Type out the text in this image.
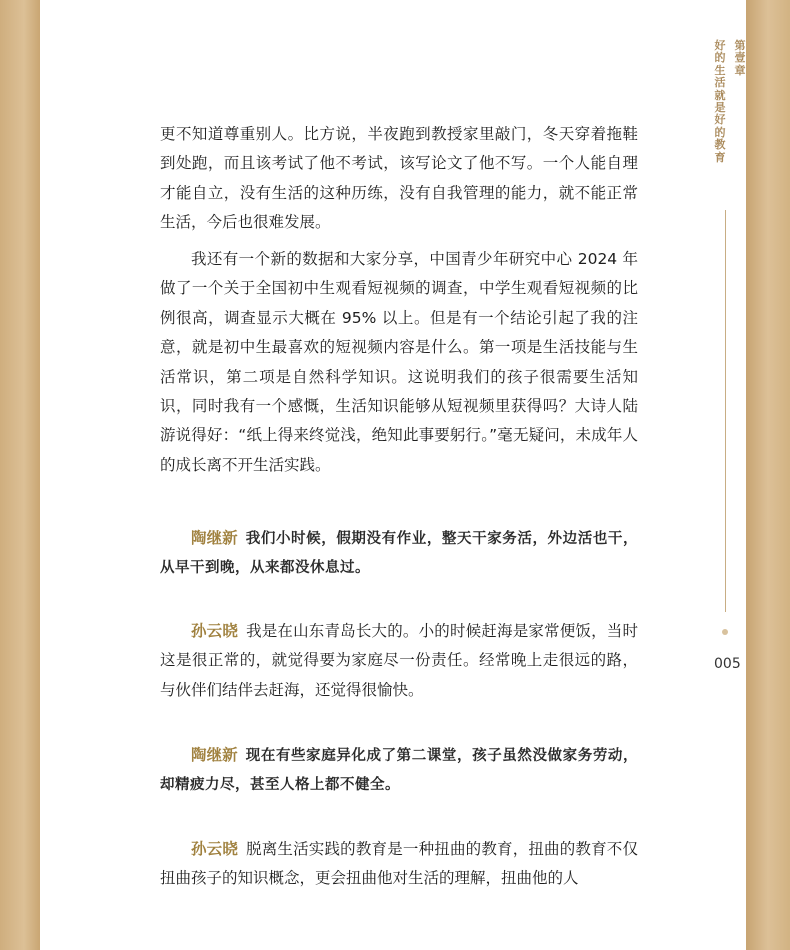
第壹章
好的生活就是好的教育
005
更不知道尊重别人。比方说，半夜跑到教授家里敲门，冬天穿着拖鞋到处跑，而且该考试了他不考试，该写论文了他不写。一个人能自理才能自立，没有生活的这种历练，没有自我管理的能力，就不能正常生活，今后也很难发展。
我还有一个新的数据和大家分享，中国青少年研究中心 2024 年做了一个关于全国初中生观看短视频的调查，中学生观看短视频的比例很高，调查显示大概在 95% 以上。但是有一个结论引起了我的注意，就是初中生最喜欢的短视频内容是什么。第一项是生活技能与生活常识，第二项是自然科学知识。这说明我们的孩子很需要生活知识，同时我有一个感慨，生活知识能够从短视频里获得吗？大诗人陆游说得好：“纸上得来终觉浅，绝知此事要躬行。”毫无疑问，未成年人的成长离不开生活实践。
陶继新 我们小时候，假期没有作业，整天干家务活，外边活也干，从早干到晚，从来都没休息过。
孙云晓 我是在山东青岛长大的。小的时候赶海是家常便饭，当时这是很正常的，就觉得要为家庭尽一份责任。经常晚上走很远的路，与伙伴们结伴去赶海，还觉得很愉快。
陶继新 现在有些家庭异化成了第二课堂，孩子虽然没做家务劳动，却精疲力尽，甚至人格上都不健全。
孙云晓 脱离生活实践的教育是一种扭曲的教育，扭曲的教育不仅扭曲孩子的知识概念，更会扭曲他对生活的理解，扭曲他的人
